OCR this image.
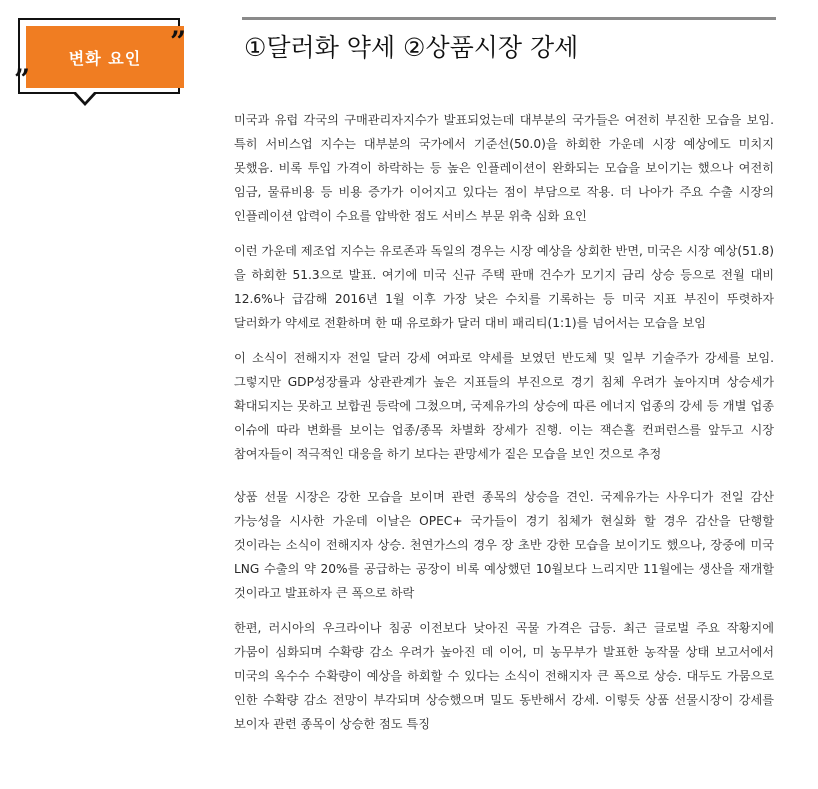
변화 요인	”
”
①달러화 약세 ②상품시장 강세

미국과 유럽 각국의 구매관리자지수가 발표되었는데 대부분의 국가들은 여전히 부진한 모습을 보임. 특히 서비스업 지수는 대부분의 국가에서 기준선(50.0)을 하회한 가운데 시장 예상에도 미치지 못했음. 비록 투입 가격이 하락하는 등 높은 인플레이션이 완화되는 모습을 보이기는 했으나 여전히 임금, 물류비용 등 비용 증가가 이어지고 있다는 점이 부담으로 작용. 더 나아가 주요 수출 시장의 인플레이션 압력이 수요를 압박한 점도 서비스 부문 위축 심화 요인

이런 가운데 제조업 지수는 유로존과 독일의 경우는 시장 예상을 상회한 반면, 미국은 시장 예상(51.8)을 하회한 51.3으로 발표. 여기에 미국 신규 주택 판매 건수가 모기지 금리 상승 등으로 전월 대비 12.6%나 급감해 2016년 1월 이후 가장 낮은 수치를 기록하는 등 미국 지표 부진이 뚜렷하자 달러화가 약세로 전환하며 한 때 유로화가 달러 대비 패리티(1:1)를 넘어서는 모습을 보임

이 소식이 전해지자 전일 달러 강세 여파로 약세를 보였던 반도체 및 일부 기술주가 강세를 보임. 그렇지만 GDP성장률과 상관관계가 높은 지표들의 부진으로 경기 침체 우려가 높아지며 상승세가 확대되지는 못하고 보합권 등락에 그쳤으며, 국제유가의 상승에 따른 에너지 업종의 강세 등 개별 업종 이슈에 따라 변화를 보이는 업종/종목 차별화 장세가 진행. 이는 잭슨홀 컨퍼런스를 앞두고 시장 참여자들이 적극적인 대응을 하기 보다는 관망세가 짙은 모습을 보인 것으로 추정

상품 선물 시장은 강한 모습을 보이며 관련 종목의 상승을 견인. 국제유가는 사우디가 전일 감산 가능성을 시사한 가운데 이날은 OPEC+ 국가들이 경기 침체가 현실화 할 경우 감산을 단행할 것이라는 소식이 전해지자 상승. 천연가스의 경우 장 초반 강한 모습을 보이기도 했으나, 장중에 미국 LNG 수출의 약 20%를 공급하는 공장이 비록 예상했던 10월보다 느리지만 11월에는 생산을 재개할 것이라고 발표하자 큰 폭으로 하락

한편, 러시아의 우크라이나 침공 이전보다 낮아진 곡물 가격은 급등. 최근 글로벌 주요 작황지에 가뭄이 심화되며 수확량 감소 우려가 높아진 데 이어, 미 농무부가 발표한 농작물 상태 보고서에서 미국의 옥수수 수확량이 예상을 하회할 수 있다는 소식이 전해지자 큰 폭으로 상승. 대두도 가뭄으로 인한 수확량 감소 전망이 부각되며 상승했으며 밀도 동반해서 강세. 이렇듯 상품 선물시장이 강세를 보이자 관련 종목이 상승한 점도 특징
